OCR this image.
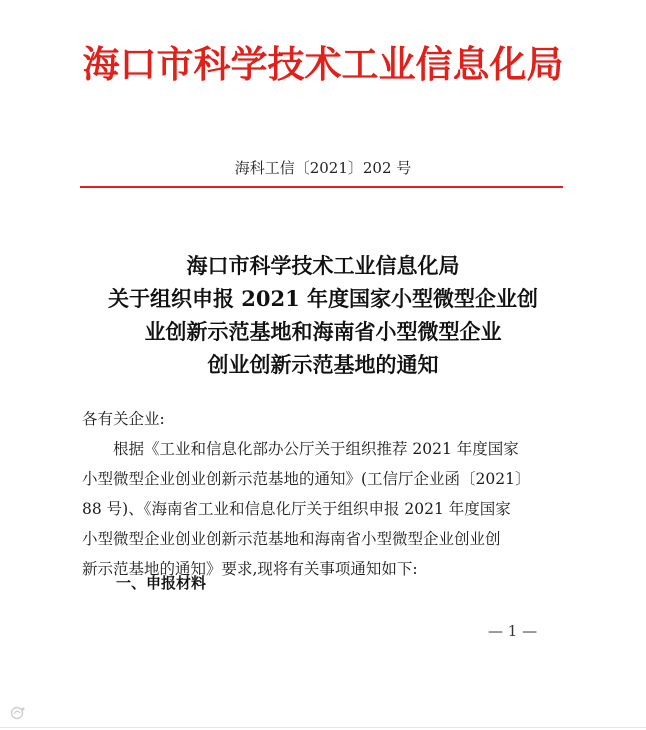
海口市科学技术工业信息化局
海科工信〔2021〕202 号
海口市科学技术工业信息化局
关于组织申报 2021 年度国家小型微型企业创
业创新示范基地和海南省小型微型企业
创业创新示范基地的通知
各有关企业:
根据《工业和信息化部办公厅关于组织推荐 2021 年度国家
小型微型企业创业创新示范基地的通知》(工信厅企业函〔2021〕
88 号)、《海南省工业和信息化厅关于组织申报 2021 年度国家
小型微型企业创业创新示范基地和海南省小型微型企业创业创
新示范基地的通知》要求,现将有关事项通知如下:
一、申报材料
— 1 —
